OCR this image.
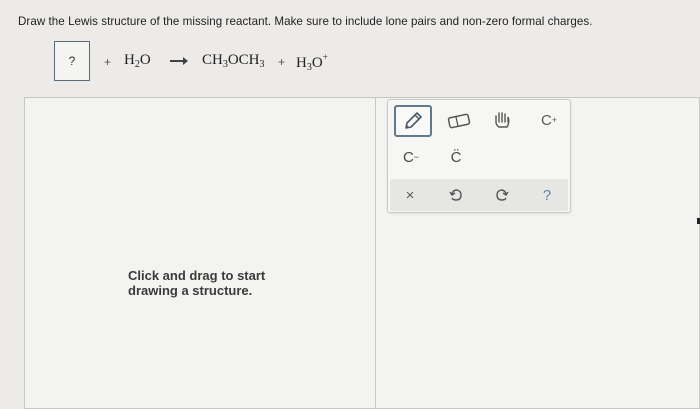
Draw the Lewis structure of the missing reactant. Make sure to include lone pairs and non-zero formal charges.
? + $H_2O \to CH_3OCH_3 + H_3O^+$
Click and drag to start drawing a structure.
C +
C − C̈
×	?
